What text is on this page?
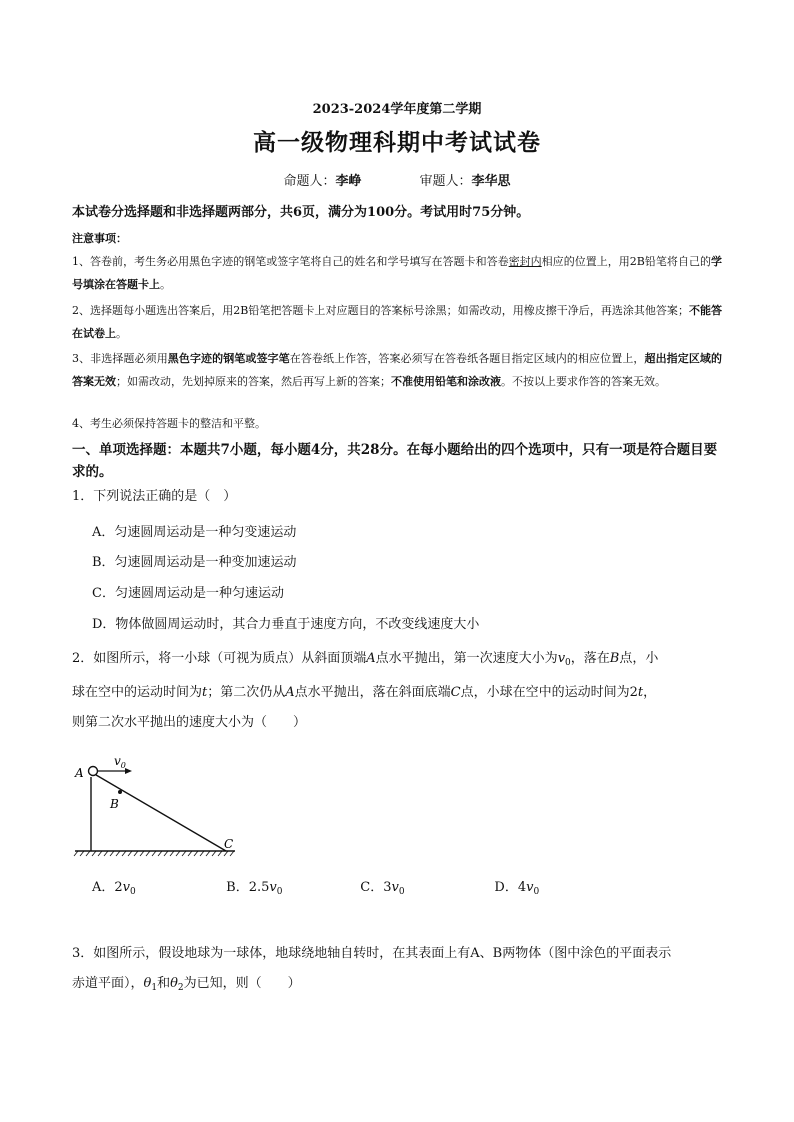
2023-2024学年度第二学期
高一级物理科期中考试试卷
命题人：李峥	审题人：李华思
本试卷分选择题和非选择题两部分，共6页，满分为100分。考试用时75分钟。
注意事项：
1、答卷前，考生务必用黑色字迹的钢笔或签字笔将自己的姓名和学号填写在答题卡和答卷密封内相应的位置上，用2B铅笔将自己的学号填涂在答题卡上。
2、选择题每小题选出答案后，用2B铅笔把答题卡上对应题目的答案标号涂黑；如需改动，用橡皮擦干净后，再选涂其他答案；不能答在试卷上。
3、非选择题必须用黑色字迹的钢笔或签字笔在答卷纸上作答，答案必须写在答卷纸各题目指定区域内的相应位置上，超出指定区域的答案无效；如需改动，先划掉原来的答案，然后再写上新的答案；不准使用铅笔和涂改液。不按以上要求作答的答案无效。
4、考生必须保持答题卡的整洁和平整。
一、单项选择题：本题共7小题，每小题4分，共28分。在每小题给出的四个选项中，只有一项是符合题目要求的。
1．下列说法正确的是（　）
A．匀速圆周运动是一种匀变速运动
B．匀速圆周运动是一种变加速运动
C．匀速圆周运动是一种匀速运动
D．物体做圆周运动时，其合力垂直于速度方向，不改变线速度大小
2．如图所示，将一小球（可视为质点）从斜面顶端A点水平抛出，第一次速度大小为$v_0$，落在B点，小
球在空中的运动时间为t；第二次仍从A点水平抛出，落在斜面底端C点，小球在空中的运动时间为2t，
则第二次水平抛出的速度大小为（　　）
$v_0$
A
B
C
A．$2v_0$	B．$2.5v_0$	C．$3v_0$	D．$4v_0$
3．如图所示，假设地球为一球体，地球绕地轴自转时，在其表面上有A、B两物体（图中涂色的平面表示
赤道平面），$\theta_1$和$\theta_2$为已知，则（　　）
